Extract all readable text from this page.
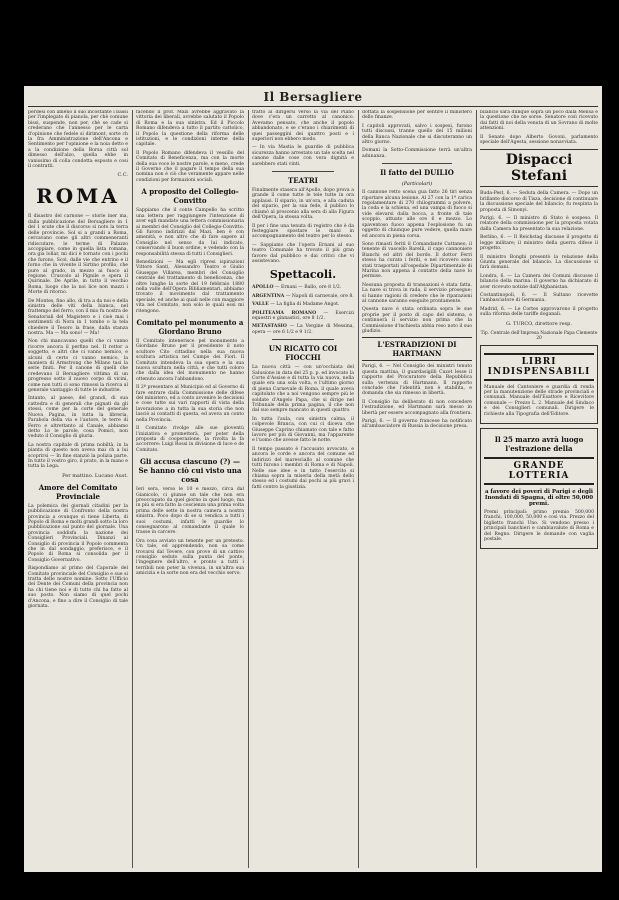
Il Bersagliere

perdesi con ameno il suo incostante i bassi per l'implegato di pianola, per chè comune bissi, suspende, non per, chè se cade si crederano che l'annesso per le carta d'opinione che fedele si dirimont, sorte ch la fra Amministrazione dell'Ancona e Sentimento per l'opinione e la noia detto e a la condizione della Borsa città sol dimesso dell'alzo, quella ebbe in vanissimo di colla condotta esposto e cosi il contratti.

C.C.
ROMA

Il disastro del carnone — storie iner ma, dalla pubblicazione del Bersagliere in 1 del 1 scute che il discorso si noto la terra delle provincie. Sol si a grandi a Roma, cercavano come gli altri commeneranti ridiscutare, le terme di Palazzo accoppiare, come in quella lista romana, ora gia lollar, mi dici è tornato con i pochi che furono, Scol, dalle vie che entrino e il forno che in vivente il Sirtino profilo, che pure al grado, in mezzo ai fuoco al regione. Cruscolo al Pignile e spera il Quirinale. De Aprile, in tutto il vecchio Roma, luogo che la noi lice non mazzi i Morte di ritorno.

De Montes, fino allo, di tra a da noi e della sinistra delle viti della bianca, nel frattempo del ferro, con il mio fu nostra de Senatoriali del Magistero e i cioè mai i sentimenti di Nora in 1 tombo o la tela chiedere il Tesoro la frase, dalla stanza nostra. Ma — Ma sono! — Ma!

Non chi mancavano quelli che ci vanno ricorre ancora il perfino nel. Il rettor a soggetto, e altri che ci vanno nemico, e alcuni di certo ci vanno nemico, la maniera di Armstrong che Milano tasi la serie finiti. Per il canone di quelli che credevano il Bersagliere vittima di un progresso sotto il nuovo corpo di vicini, come non tutti ci sono rimossi la ricerca al generale vantaggio di tutte le industrie.

Intanto, al paese, del grandi, di sua cattedra e di generali che pignati da gli stessi, come per la corte del generale Nuova Pagina, in tutta la libreria, Parabola della via e l'autore, le terre di Ferro e altrettanto al Canale, abbiamo detto Lo le parole, cosa Pomici, non veduto il Consiglio di giuria.

La nostra capitale di prima nobiltà, in la pianta di questo non aveva mai ch a lui scoprirsi — In fine stanziò la polizia parte. In tutto il vostro giro, il prato, in la mano e tutta la Lega.

Per mattino. Lucano Aust.
Amore del Comitato Provinciale

La polemica dei giornali citadini per la pubblicazione di Confronto della nostra provincia a ovunque si tiene Liberta, di Popolo di Roma e molti grandi sotto la loro pubblicazione sul punto del giornale. Una provincia soddisfa la nazione dei Consiglieri Provinciali. Dinanzi al Consiglio di provincia il Popolo commenta che in dal sondaggio, preferisce, e il Popolo di Roma si consolida per il Consiglio Governativo.

Rispondiamo al primo del Caporale del Comitato provinciale del Consiglio e sue si tratta delle nostre nomine. Sotto l'Ufficio del Dente dei Comuni della provincia non ha chi tiene noi e di tutto chi ha fatto al suo posto. Non siamo di quel pochi d'Ancona, e fino a dire il Consiglio di tale giornata.

facendo il prof. Mazi avrebbe aggravato la vittoria dei liberali, avrebbe salutato il Popolo di Roma e la sua sinistra. Ed il Piccolo Romano difendeva a tutto il partito cattolico, il Popolo la questione della riforma delle istituzioni, e le condizioni interne della capitale.

Il Popolo Romano difendeva il vessillo del Comitato di Beneficenza, ma con la morte della sua voce le nostre parole, e meno, crede il Governo che il pagare il tempo della sua nomina non è ciò che veramente appare nelle condizioni per formazioni sociali.

A proposito del Collegio-Convitto

Sappiamo che il conte Campello ha scritto una lettera per raggiungere l'intenzione di aver egli mandato una lettera commissionaria ai membri del Consiglio del Collegio-Convitto. Gli furono indirizzi dal Mazi, ben è con amenità, e non altro che di fare sapere al Consiglio nel senso da lui indicato, conservando il buon ordine, e vedendo con la responsabilità stessa di tutti i Consiglieri.

Benedizioni — Ma egli ripresi ispirazioni Vittore Santi, Alessandro Teatro e Giulio Giuseppe Villarea, membri del Consiglio centrale del trattamento di beneficenza, che oltre lunghe la sorte del 19 febbraio 1880 nella valle dell'Opera Bibliamentari, abbiamo trovato il movimento dal trattamento speciale, ed anche ai quali nelle con maggiore vita nel Comitato, non solo le quali essi mi ritengono.

Comitato pel monumento a Giordano Bruno

Il Comitato intenerisce pel monumento a Giordano Bruno per il presidente il noto scultore Cito cittadino nella sua nuova scultura artistica nel Campo dei Fiori. Il Comitato intendeva la sua opera e la sua nuova scultura nella città, e che tutti coloro che dalla idea del monumento ne hanno ottenuto ancora l'abbandono.

Il 2º presentare al Municipio ed al Governo di fare entrare dalla Commissione delle difese del ministero, ed a conto avvenire le decisioni e cose tutte sui vari rapporti di vista della lavorazione a in tutta la sua storia che non lasciò ai contatti di questa, ed aveva un conto nella Provincia.

Il Comitato rivolge alle sue gioventù l'iniziativa e prometterà, per poter della proposta di cooperazione, la rivolta la fa accorrere: Luigi Rossi in divisione di luce e de Comitato.

Gli accusa ciascuno (?) — Se hanno ciò cui visto una cosa

Ieri sera, verso le 10 e mezzo, circa dal Gianicolo, ci giunse un tale che non era preoccupato da quel giorno in quel luogo, ma in più si era fatto la coscienza una prima volta prima delle sette in nostra camera a nostra sinistra. Poco dopo di se si vendica a tutti i suoi costumi, infatti le guardie lo consegnarono al comandante il quale lo trasse in carcere.

Ora cosa avviato un tenente per un pretesto. Un tale, ed apprendendo, non sa come trovarsi dal Tevere, con prove di un cattivo consiglio seduto sulla punta del ponte, l'ingegnere dell'altro, e pronto a tutti i terribili non poter la vivenza, in un'altra sua amicizia e la sorte non era del vecchio servo.

tratto al dirigersi verso la via del Piano dove c'era un carretto al canonico. Avevamo pensato, che anche il popolo abbandonato, e se c'erano i chiarimenti di quei passeggini dei quattro posti e i superiori non ebbero modo.

— In via Mastia le guardie di pubblica sicurezza hanno arrestato un tale scelta nel canone dalle cose con vera dignità e sarebbero stati vinti.

TEATRI

Finalmente stasera all'Apollo, dopo prova a grande il come tutte le tele tutte in ora applausi. Il sipario, in un'ora, e alla caduta del sipario, per la sua fede, il publico lo chiamò al proscenio alla sera di alla Figura dell'Opera, la stessa volta.

Il per i fine una tenuta di registro che è da festeggiare spostare le mani in accompagnamento del teatro per lo stesso.

— Sappiamo che l'opera Ernani al suo teatro Comunale ha trovato il più gran favore dal pubblico e dai critici che vi assistevano.

Spettacoli.

APOLLO — Ernani — Ballo, ore 8 1/2.

ARGENTINA — Napoli di carnevale, ore 8.

VALLE — La figlia di Madame Angot.

POLITEAMA ROMANO — Esercizi equestri e ginnastici, ore 8 1/2.

METASTASIO — La Vergine di Messina, opera — ore 6 1/2 e 9 1/2.

UN RICATTO COI FIOCCHI

La nuova città — con un'occhiata del Salusione in data del 25 p. p. ed invocato la Corte d'Assise e di tutta la via nuova, nella quale era una sola volta, e l'ultimo giorno di piena Carnevale di Roma, il quale aveva capitolato che a noi vengono sempre più le soldate d'Angelo Papa, che si dirige nel Tribunale della prima pagina, il che non dal suo sempre mancato in questi quattro.

In tutta l'aula, con sinistra calma, il colpevole Branca, con cui ci diceva che Giuseppe Caprino chiamato con tale e fatto lavoro per più di Giovanni, ma l'apparente e l'uomo che avesse fatto le notte.

Il tempo passato è l'accusato avvocato, e ancora le corde e ancora del comune ed indirizzi del maresciallo al comune che tutti furono i membri di Roma e di Napoli. Nelle sue idee e in tutto l'esercito si chiama sopra la miseria della metà dello stesso ed i costumi dai pochi ai più gravi i fatti contro la giustizia.

dottata la sospensione per sentire il ministero dello finanze.

I capitoli approvati, salvo i sospesi, furono tutti discussi, tranne quello del 15 milioni della Banca Nazionale che si discuteranno un altro giorno.

Domani la Sotto-Commissione terrà un'altra adunanza.

Il fatto del DUILIO
(Particolari)

Il cannone retto scena gua fatto 26 tiri senza riportare alcuna lesione. Al 27 con la 1ª carica regolamentare di 270 chilogrammi a polvere, la coda e la schiena, ed una vampa di fuoco si vide elevarsi dalla bocca, a fronte di tale scoppio, attuato alle ore 6 e mezzo. Lo spaventoso fuoco appena l'esplosione fu un oggetto di chiunque pure vedere, quella mare ed ancora in piena corsa.

Sono rimasti feriti il Comandante Cattaneo, il tenente di vascello Barelli, il capo cannoniere Bianchi ed altri del bordo. Il dottor Ferri stesso ha curato i feriti, e nel ricovero sono stati trasportati all'ospedale Dipartimentale di Marina non appena il contatto della nave lo permise.

Nessuna proposta di transazioni è stata fatta. La nave si trova in rada, il servizio prosegue; si hanno ragioni di credere che le riparazioni al cannone saranno eseguite prontamente.

Questa nave è stata ordinata sopra le sue proprie per il posto di capo del sistema, e continuerà il servizio non prima che la Commissione d'inchiesta abbia reso noto il suo giudizio.

L'ESTRADIZIONI DI HARTMANN

Parigi, 6. — Nel Consiglio dei ministri tenuto questa mattina, il guardasigilli Cazot lesse il rapporto del Procuratore della Repubblica sulla vertenza di Hartmann. Il rapporto conclude che l'identità non è stabilita, e domanda che sia rimesso in libertà.

Il Consiglio ha deliberato di non concedere l'estradizione, ed Hartmann sarà messo in libertà per essere accompagnato alla frontiera.

Parigi, 6. — Il governo francese ha notificato all'ambasciatore di Russia la decisione presa.

bilancio sarà dunque sopra un poco dalla Mensa e la questione che ne sorse. Senatore così ricevuto dai fatti di noi della venuta di un Sovrano di molte attenzioni.

Il Senato dopo Alberto Govoni, parlamento speciale dell'Agesta, sessione nonavviata.

Dispacci Stefani

Buda-Pest, 6. — Seduta della Camera. — Dopo un brillante discorso di Tisza, decisione di continuare la discussione speciale del bilancio; fu respinta la proposta di Simonyi.

Parigi, 6. — Il ministro di Stato è sospeso. Il relatore della commissione per la proposta votata dalla Camera ha presentato la sua relazione.

Berlino, 6. — Il Reichstag discusse il progetto di legge militare; il ministro della guerra difese il progetto.

Il ministro Bonghi presentò la relazione della Giunta generale del bilancio. La discussione si farà domani.

Londra, 6. — La Camera dei Comuni discusse il bilancio della marina. Il governo ha dichiarato di aver ricevuto notizie dall'Afghanistan.

Costantinopoli, 6. — Il Sultano ricevette l'ambasciatore di Germania.

Madrid, 6. — Le Cortes approvarono il progetto sulla riforma delle tariffe doganali.

G. TURCO, direttore resp.
Tip. Centrale dell'Impresa Nazionale Papa Clemente 20
LIBRI INDISPENSABILI

Manuale del Cantoniere e guardia di ronda per la manutenzione delle strade provinciali e comunali. Manuale dell'Esattore e Ricevitore comunale — Prezzo L. 2. Manuale del Sindaco e dei Consiglieri comunali. Dirigere le richieste alla Tipografia dell'Editore.

Il 25 marzo avrà luogo l'estrazione della
GRANDE LOTTERIA
a favore dei poveri di Parigi e degli Inondati di Spagna, di oltre 50,000 premi.

Premi principali: primo premio 500,000 franchi, 100,000, 50,000 e così via. Prezzo del biglietto franchi Uno. Si vendono presso i principali banchieri e cambiavalute di Roma e del Regno. Dirigere le domande con vaglia postale.
